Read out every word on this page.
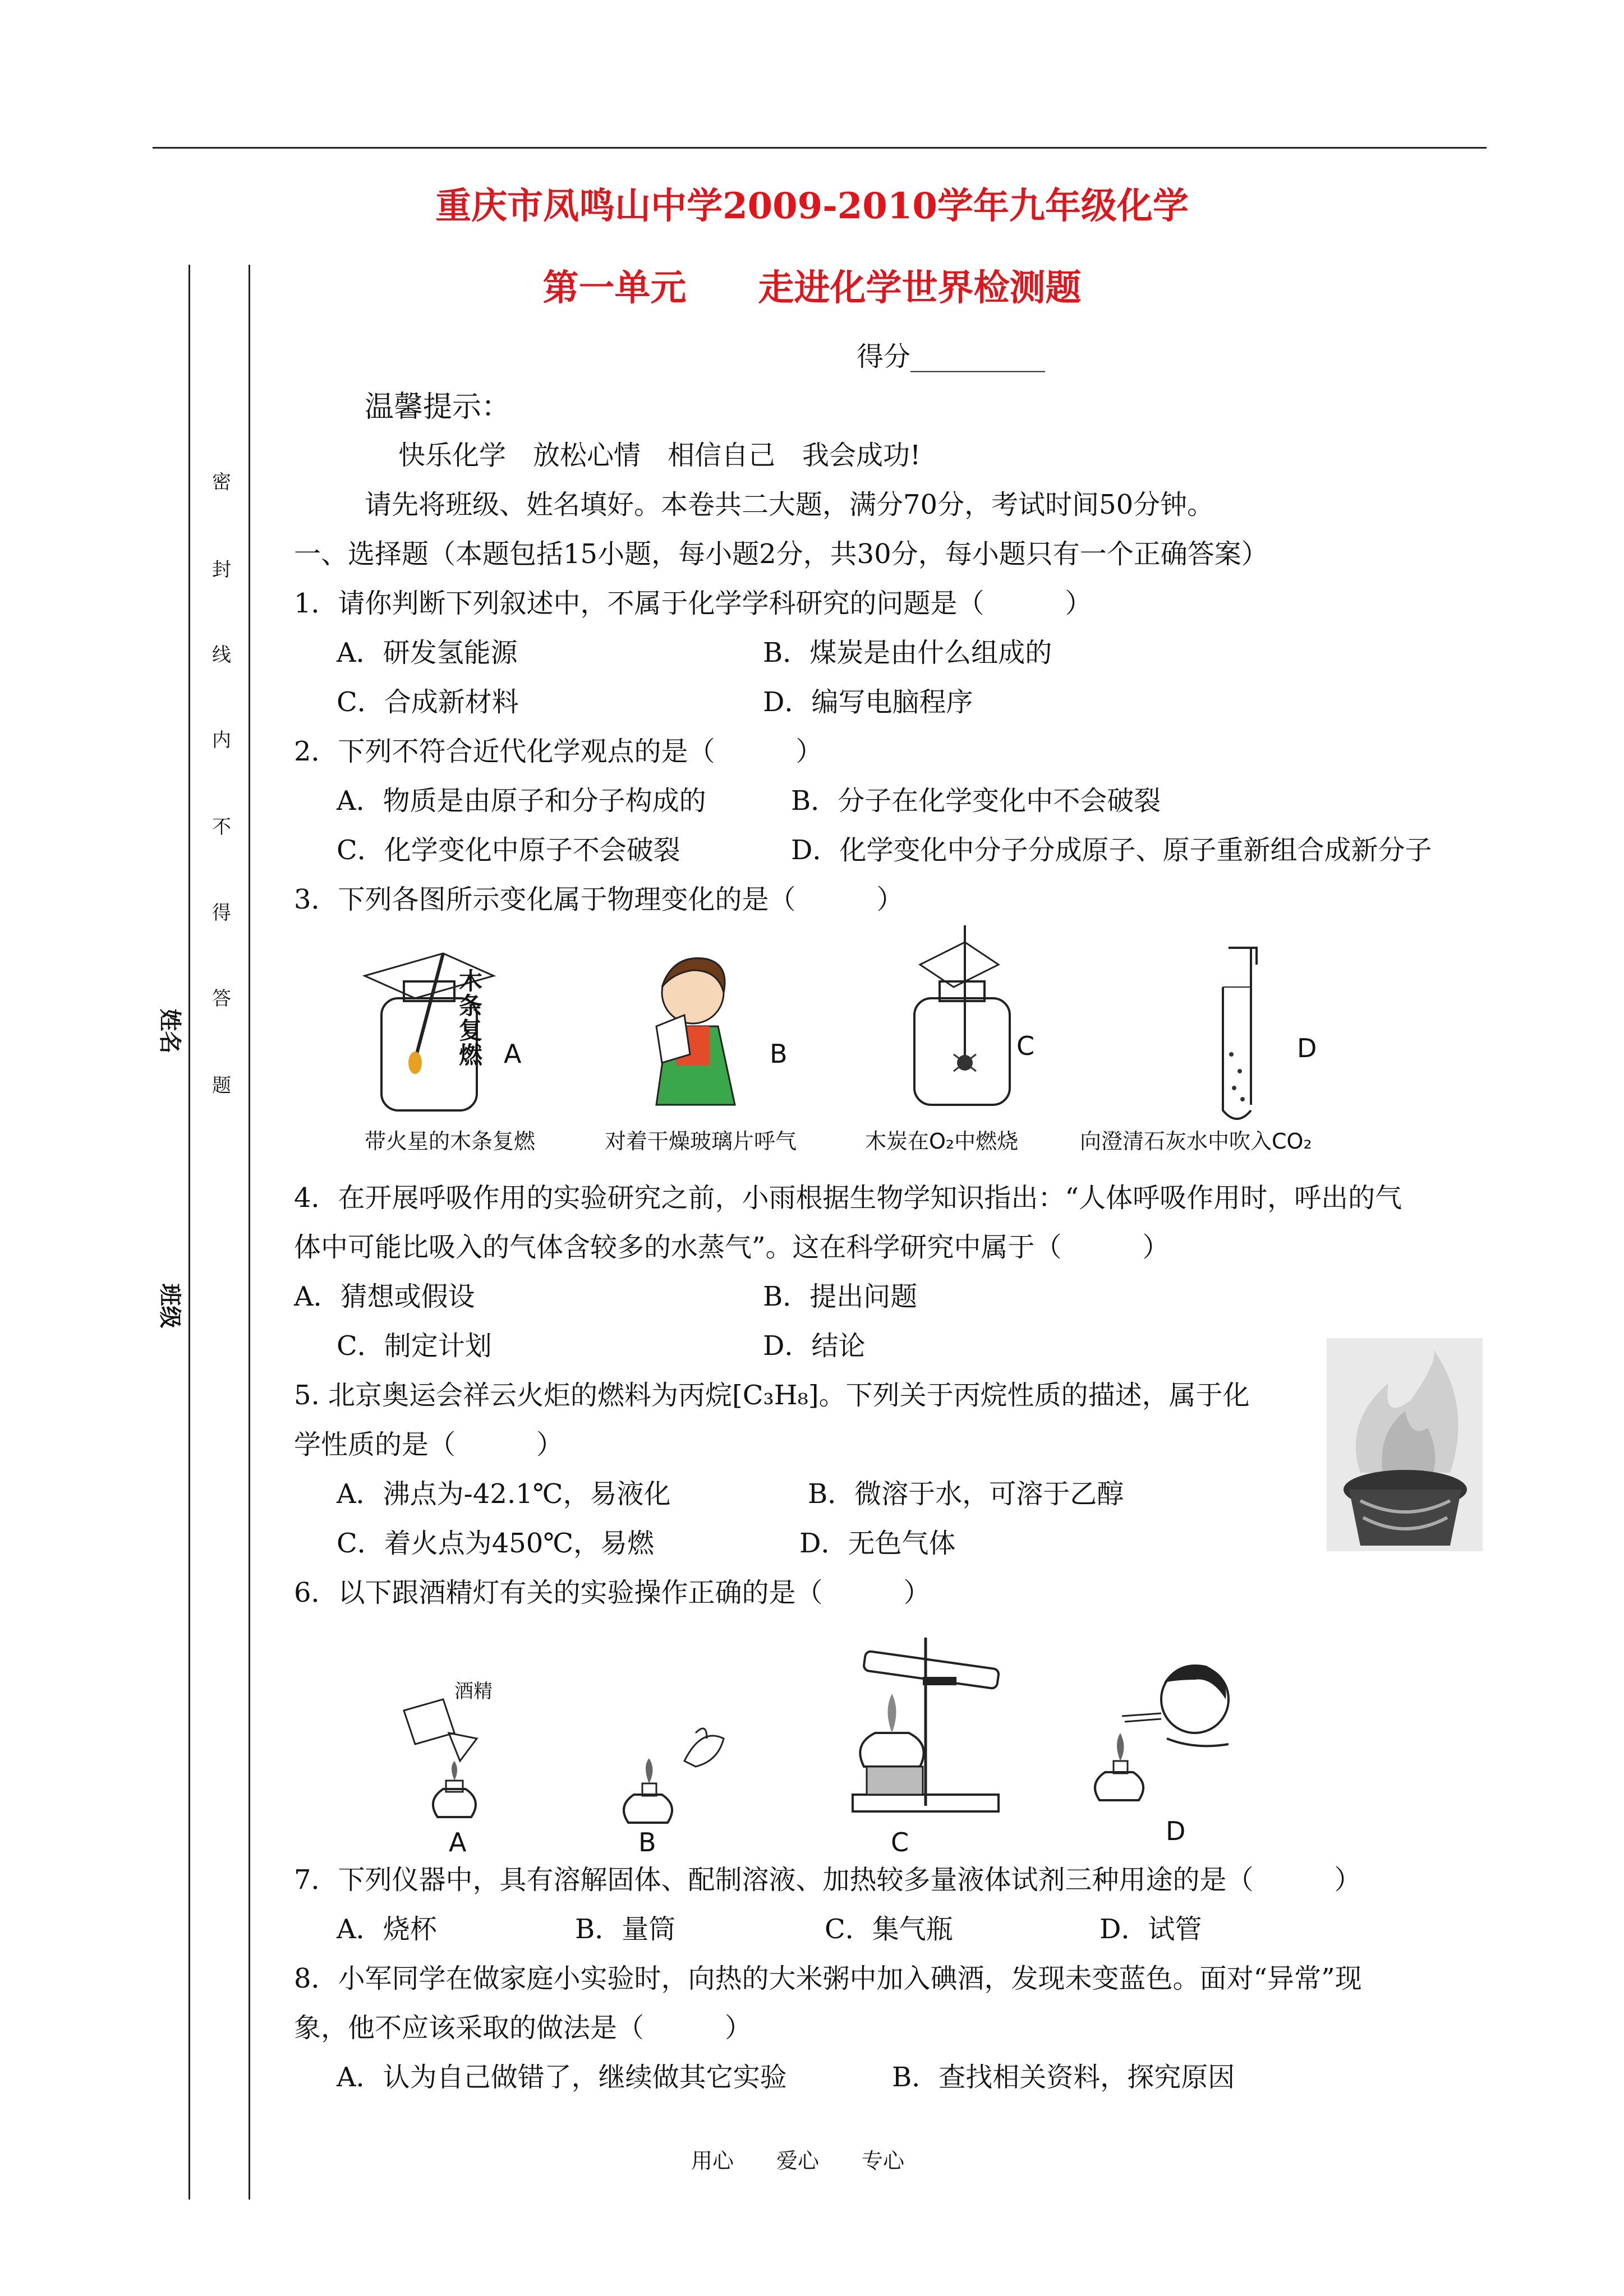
密
封
线
内
不
得
答
题
姓名
班级
重庆市凤鸣山中学2009-2010学年九年级化学
第一单元　　走进化学世界检测题
得分__________
温馨提示：
快乐化学　放松心情　相信自己　我会成功!
请先将班级、姓名填好。本卷共二大题，满分70分，考试时间50分钟。
一、选择题（本题包括15小题，每小题2分，共30分，每小题只有一个正确答案）
1．请你判断下列叙述中，不属于化学学科研究的问题是（　　　）
A．研发氢能源	B．煤炭是由什么组成的
C．合成新材料	D．编写电脑程序
2．下列不符合近代化学观点的是（　　　）
A．物质是由原子和分子构成的	B．分子在化学变化中不会破裂
C．化学变化中原子不会破裂	D．化学变化中分子分成原子、原子重新组合成新分子
3．下列各图所示变化属于物理变化的是（　　　）
木条复燃 A	B	C	D
带火星的木条复燃	对着干燥玻璃片呼气	木炭在O₂中燃烧	向澄清石灰水中吹入CO₂
4．在开展呼吸作用的实验研究之前，小雨根据生物学知识指出：“人体呼吸作用时，呼出的气
体中可能比吸入的气体含较多的水蒸气”。这在科学研究中属于（　　　）
A．猜想或假设	B．提出问题
C．制定计划	D．结论
5. 北京奥运会祥云火炬的燃料为丙烷[C₃H₈]。下列关于丙烷性质的描述，属于化
学性质的是（　　　）
A．沸点为-42.1℃，易液化	B．微溶于水，可溶于乙醇
C．着火点为450℃，易燃	D．无色气体
6．以下跟酒精灯有关的实验操作正确的是（　　　）
酒精
A	B	C	D
7．下列仪器中，具有溶解固体、配制溶液、加热较多量液体试剂三种用途的是（　　　）
A．烧杯	B．量筒	C．集气瓶	D．试管
8．小军同学在做家庭小实验时，向热的大米粥中加入碘酒，发现未变蓝色。面对“异常”现
象，他不应该采取的做法是（　　　）
A．认为自己做错了，继续做其它实验	B．查找相关资料，探究原因
用心　　爱心　　专心
